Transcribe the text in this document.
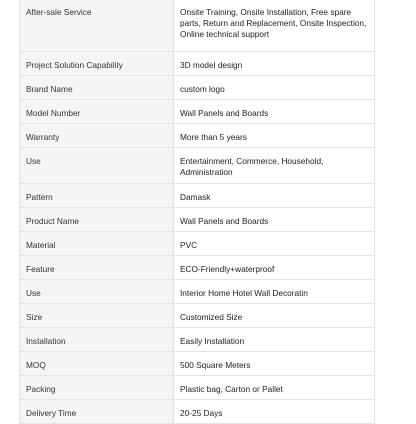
After-sale Service	Onsite Training, Onsite Installation, Free spare parts, Return and Replacement, Onsite Inspection, Online technical support
Project Solution Capability	3D model design
Brand Name	custom logo
Model Number	Wall Panels and Boards
Warranty	More than 5 years
Use	Entertainment, Commerce, Household, Administration
Pattern	Damask
Product Name	Wall Panels and Boards
Material	PVC
Feature	ECO-Friendly+waterproof
Use	Interior Home Hotel Wall Decoratin
Size	Customized Size
Installation	Easily Installation
MOQ	500 Square Meters
Packing	Plastic bag, Carton or Pallet
Delivery Time	20-25 Days
